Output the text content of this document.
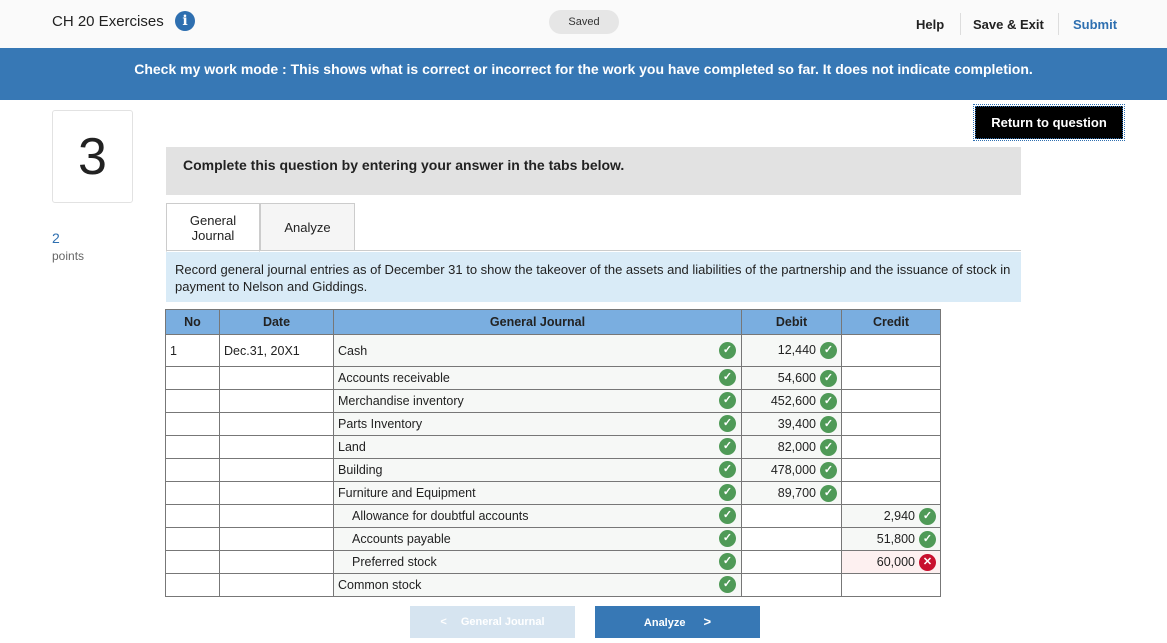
CH 20 Exercises	i	Saved	Help Save & Exit Submit
Check my work mode : This shows what is correct or incorrect for the work you have completed so far. It does not indicate completion.
3
2
points
Return to question
Complete this question by entering your answer in the tabs below.
General Journal
Analyze
Record general journal entries as of December 31 to show the takeover of the assets and liabilities of the partnership and the issuance of stock in payment to Nelson and Giddings.
No	Date	General Journal	Debit	Credit
1	Dec.31, 20X1	Cash ✓	12,440 ✓	
		Accounts receivable ✓	54,600 ✓	
		Merchandise inventory ✓	452,600 ✓	
		Parts Inventory ✓	39,400 ✓	
		Land ✓	82,000 ✓	
		Building ✓	478,000 ✓	
		Furniture and Equipment ✓	89,700 ✓	
		Allowance for doubtful accounts ✓		2,940 ✓
		Accounts payable ✓		51,800 ✓
		Preferred stock ✓		60,000 ✕
		Common stock ✓		

< General Journal	Analyze >
